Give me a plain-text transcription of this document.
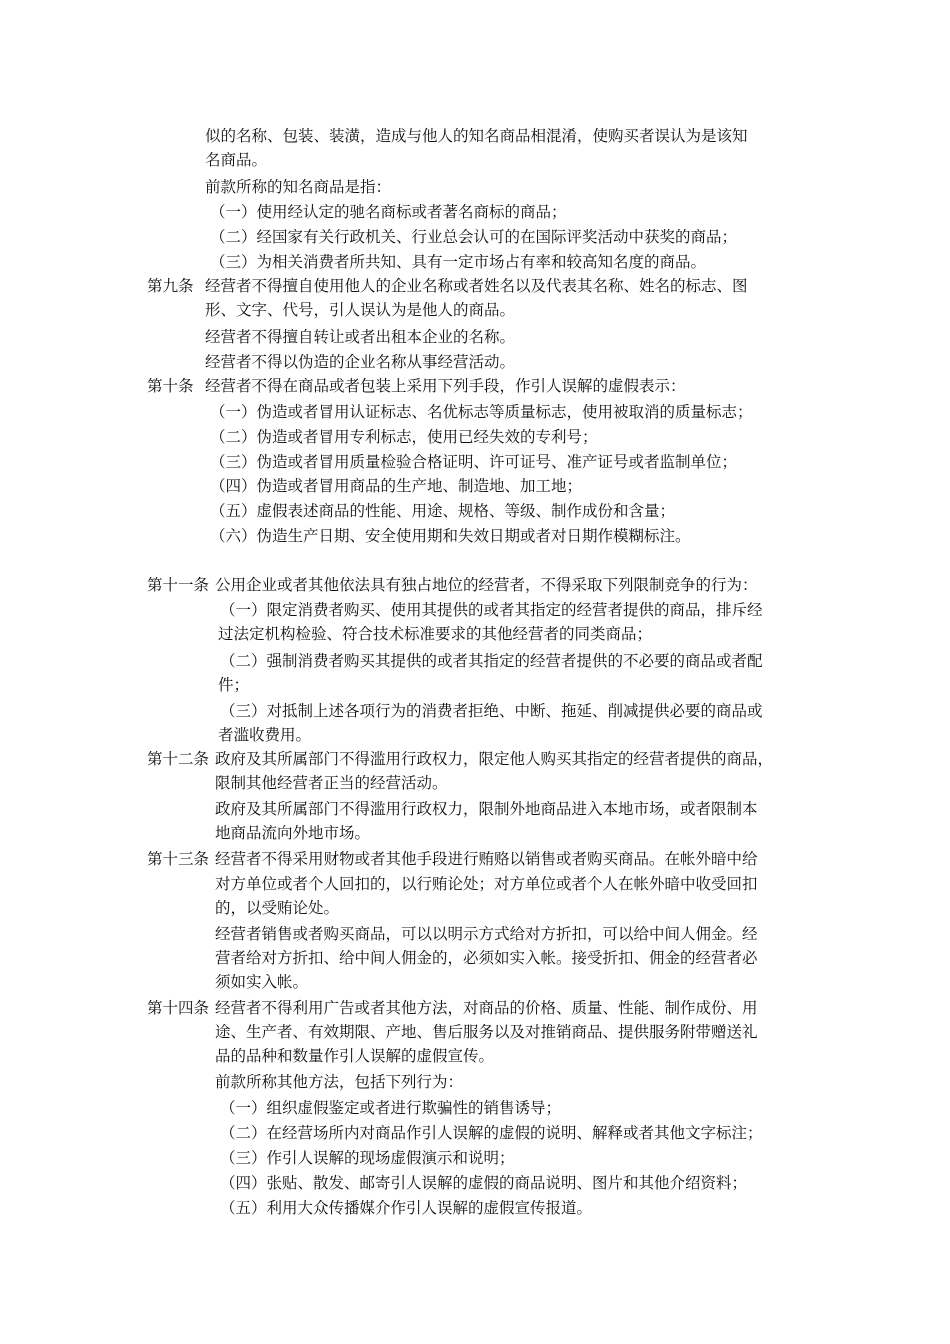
似的名称、包装、装潢，造成与他人的知名商品相混淆，使购买者误认为是该知
名商品。
前款所称的知名商品是指：
（一）使用经认定的驰名商标或者著名商标的商品；
（二）经国家有关行政机关、行业总会认可的在国际评奖活动中获奖的商品；
（三）为相关消费者所共知、具有一定市场占有率和较高知名度的商品。
第九条 经营者不得擅自使用他人的企业名称或者姓名以及代表其名称、姓名的标志、图
形、文字、代号，引人误认为是他人的商品。
经营者不得擅自转让或者出租本企业的名称。
经营者不得以伪造的企业名称从事经营活动。
第十条 经营者不得在商品或者包装上采用下列手段，作引人误解的虚假表示：
（一）伪造或者冒用认证标志、名优标志等质量标志，使用被取消的质量标志；
（二）伪造或者冒用专利标志，使用已经失效的专利号；
（三）伪造或者冒用质量检验合格证明、许可证号、准产证号或者监制单位；
（四）伪造或者冒用商品的生产地、制造地、加工地；
（五）虚假表述商品的性能、用途、规格、等级、制作成份和含量；
（六）伪造生产日期、安全使用期和失效日期或者对日期作模糊标注。
第十一条 公用企业或者其他依法具有独占地位的经营者，不得采取下列限制竞争的行为：
（一）限定消费者购买、使用其提供的或者其指定的经营者提供的商品，排斥经
过法定机构检验、符合技术标准要求的其他经营者的同类商品；
（二）强制消费者购买其提供的或者其指定的经营者提供的不必要的商品或者配
件；
（三）对抵制上述各项行为的消费者拒绝、中断、拖延、削减提供必要的商品或
者滥收费用。
第十二条 政府及其所属部门不得滥用行政权力，限定他人购买其指定的经营者提供的商品，
限制其他经营者正当的经营活动。
政府及其所属部门不得滥用行政权力，限制外地商品进入本地市场，或者限制本
地商品流向外地市场。
第十三条 经营者不得采用财物或者其他手段进行贿赂以销售或者购买商品。在帐外暗中给
对方单位或者个人回扣的，以行贿论处；对方单位或者个人在帐外暗中收受回扣
的，以受贿论处。
经营者销售或者购买商品，可以以明示方式给对方折扣，可以给中间人佣金。经
营者给对方折扣、给中间人佣金的，必须如实入帐。接受折扣、佣金的经营者必
须如实入帐。
第十四条 经营者不得利用广告或者其他方法，对商品的价格、质量、性能、制作成份、用
途、生产者、有效期限、产地、售后服务以及对推销商品、提供服务附带赠送礼
品的品种和数量作引人误解的虚假宣传。
前款所称其他方法，包括下列行为：
（一）组织虚假鉴定或者进行欺骗性的销售诱导；
（二）在经营场所内对商品作引人误解的虚假的说明、解释或者其他文字标注；
（三）作引人误解的现场虚假演示和说明；
（四）张贴、散发、邮寄引人误解的虚假的商品说明、图片和其他介绍资料；
（五）利用大众传播媒介作引人误解的虚假宣传报道。
